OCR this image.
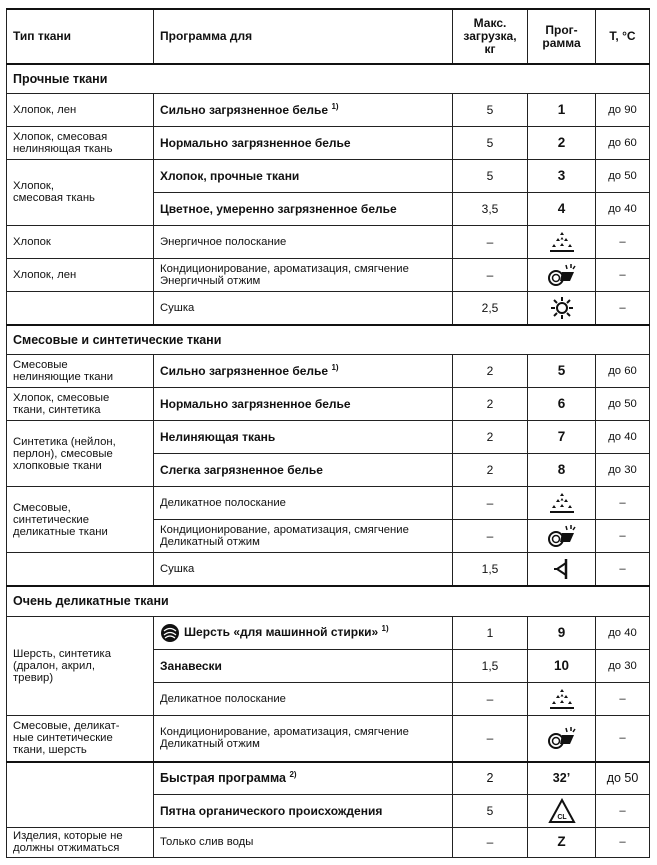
Тип ткани	Программа для	Макс.
загрузка,
кг	Прог-
рамма	T, °C
Прочные ткани				
Хлопок, лен	Сильно загрязненное белье $^{1)}$	5	1	до 90
Хлопок, смесовая
нелиняющая ткань	Нормально загрязненное белье	5	2	до 60
Хлопок,
смесовая ткань	Хлопок, прочные ткани	5	3	до 50
	Цветное, умеренно загрязненное белье	3,5	4	до 40
Хлопок	Энергичное полоскание	–		–
Хлопок, лен	Кондиционирование, ароматизация, смягчение
Энергичный отжим	–		–
	Сушка	2,5		–
Смесовые и синтетические ткани				
Смесовые
нелиняющие ткани	Сильно загрязненное белье $^{1)}$	2	5	до 60
Хлопок, смесовые
ткани, синтетика	Нормально загрязненное белье	2	6	до 50
Синтетика (нейлон,
перлон), смесовые
хлопковые ткани	Нелиняющая ткань	2	7	до 40
	Слегка загрязненное белье	2	8	до 30
Смесовые,
синтетические
деликатные ткани	Деликатное полоскание	–		–
	Кондиционирование, ароматизация, смягчение
Деликатный отжим	–		–
	Сушка	1,5		–
Очень деликатные ткани				
Шерсть, синтетика
(дралон, акрил,
тревир)	Шерсть «для машинной стирки» $^{1)}$	1	9	до 40
	Занавески	1,5	10	до 30
	Деликатное полоскание	–		–
Смесовые, деликат-
ные синтетические
ткани, шерсть	Кондиционирование, ароматизация, смягчение
Деликатный отжим	–		–
	Быстрая программа $^{2)}$	2	32’	до 50
	Пятна органического происхождения	5	CL	–
Изделия, которые не
должны отжиматься	Только слив воды	–	Z	–
